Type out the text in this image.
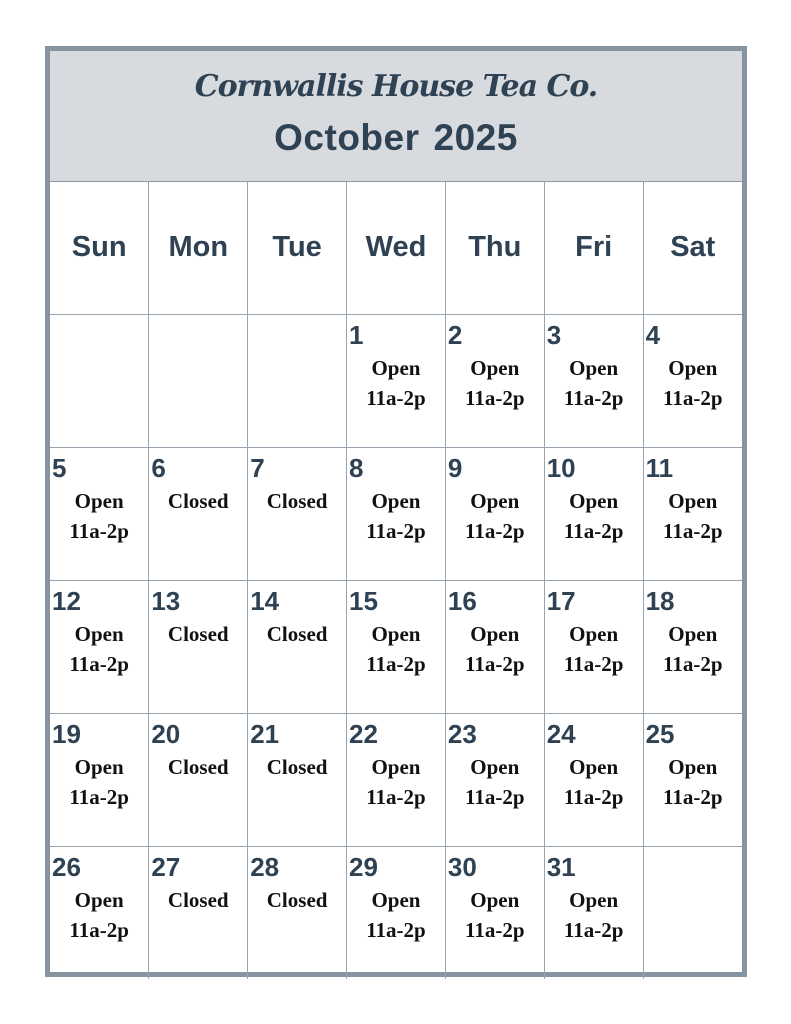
Cornwallis House Tea Co.
October 2025
Sun	Mon	Tue	Wed	Thu	Fri	Sat

			1
Open
11a-2p	2
Open
11a-2p	3
Open
11a-2p	4
Open
11a-2p

5
Open
11a-2p	6
Closed	7
Closed	8
Open
11a-2p	9
Open
11a-2p	10
Open
11a-2p	11
Open
11a-2p

12
Open
11a-2p	13
Closed	14
Closed	15
Open
11a-2p	16
Open
11a-2p	17
Open
11a-2p	18
Open
11a-2p

19
Open
11a-2p	20
Closed	21
Closed	22
Open
11a-2p	23
Open
11a-2p	24
Open
11a-2p	25
Open
11a-2p

26
Open
11a-2p	27
Closed	28
Closed	29
Open
11a-2p	30
Open
11a-2p	31
Open
11a-2p	
